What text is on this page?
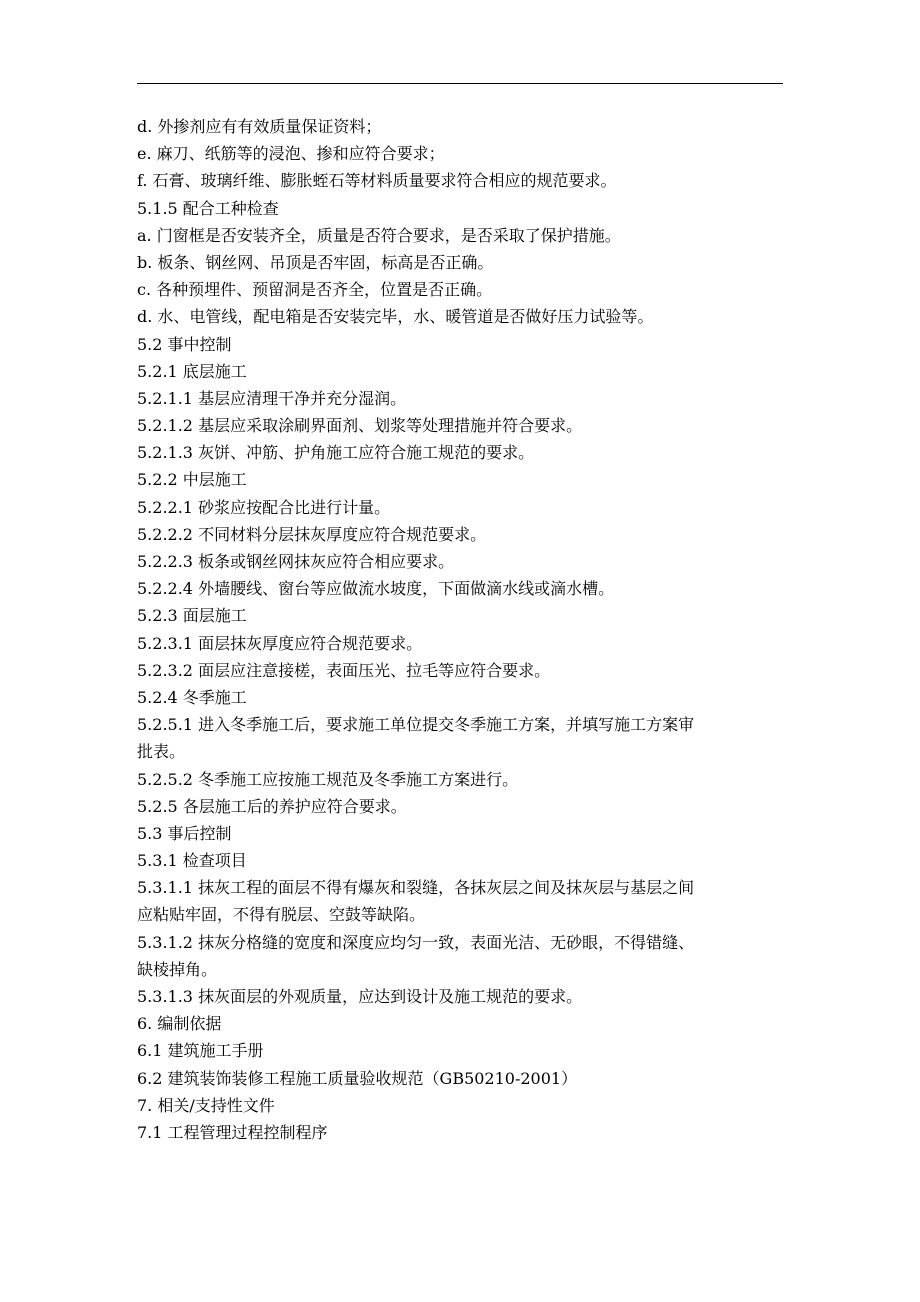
d. 外掺剂应有有效质量保证资料；
e. 麻刀、纸筋等的浸泡、掺和应符合要求；
f. 石膏、玻璃纤维、膨胀蛭石等材料质量要求符合相应的规范要求。
5.1.5 配合工种检查
a. 门窗框是否安装齐全，质量是否符合要求，是否采取了保护措施。
b. 板条、钢丝网、吊顶是否牢固，标高是否正确。
c. 各种预埋件、预留洞是否齐全，位置是否正确。
d. 水、电管线，配电箱是否安装完毕，水、暖管道是否做好压力试验等。
5.2 事中控制
5.2.1 底层施工
5.2.1.1 基层应清理干净并充分湿润。
5.2.1.2 基层应采取涂刷界面剂、划浆等处理措施并符合要求。
5.2.1.3 灰饼、冲筋、护角施工应符合施工规范的要求。
5.2.2 中层施工
5.2.2.1 砂浆应按配合比进行计量。
5.2.2.2 不同材料分层抹灰厚度应符合规范要求。
5.2.2.3 板条或钢丝网抹灰应符合相应要求。
5.2.2.4 外墙腰线、窗台等应做流水坡度，下面做滴水线或滴水槽。
5.2.3 面层施工
5.2.3.1 面层抹灰厚度应符合规范要求。
5.2.3.2 面层应注意接槎，表面压光、拉毛等应符合要求。
5.2.4 冬季施工
5.2.5.1 进入冬季施工后，要求施工单位提交冬季施工方案，并填写施工方案审
批表。
5.2.5.2 冬季施工应按施工规范及冬季施工方案进行。
5.2.5 各层施工后的养护应符合要求。
5.3 事后控制
5.3.1 检查项目
5.3.1.1 抹灰工程的面层不得有爆灰和裂缝，各抹灰层之间及抹灰层与基层之间
应粘贴牢固，不得有脱层、空鼓等缺陷。
5.3.1.2 抹灰分格缝的宽度和深度应均匀一致，表面光洁、无砂眼，不得错缝、
缺棱掉角。
5.3.1.3 抹灰面层的外观质量，应达到设计及施工规范的要求。
6. 编制依据
6.1 建筑施工手册
6.2 建筑装饰装修工程施工质量验收规范（GB50210-2001）
7. 相关/支持性文件
7.1 工程管理过程控制程序
